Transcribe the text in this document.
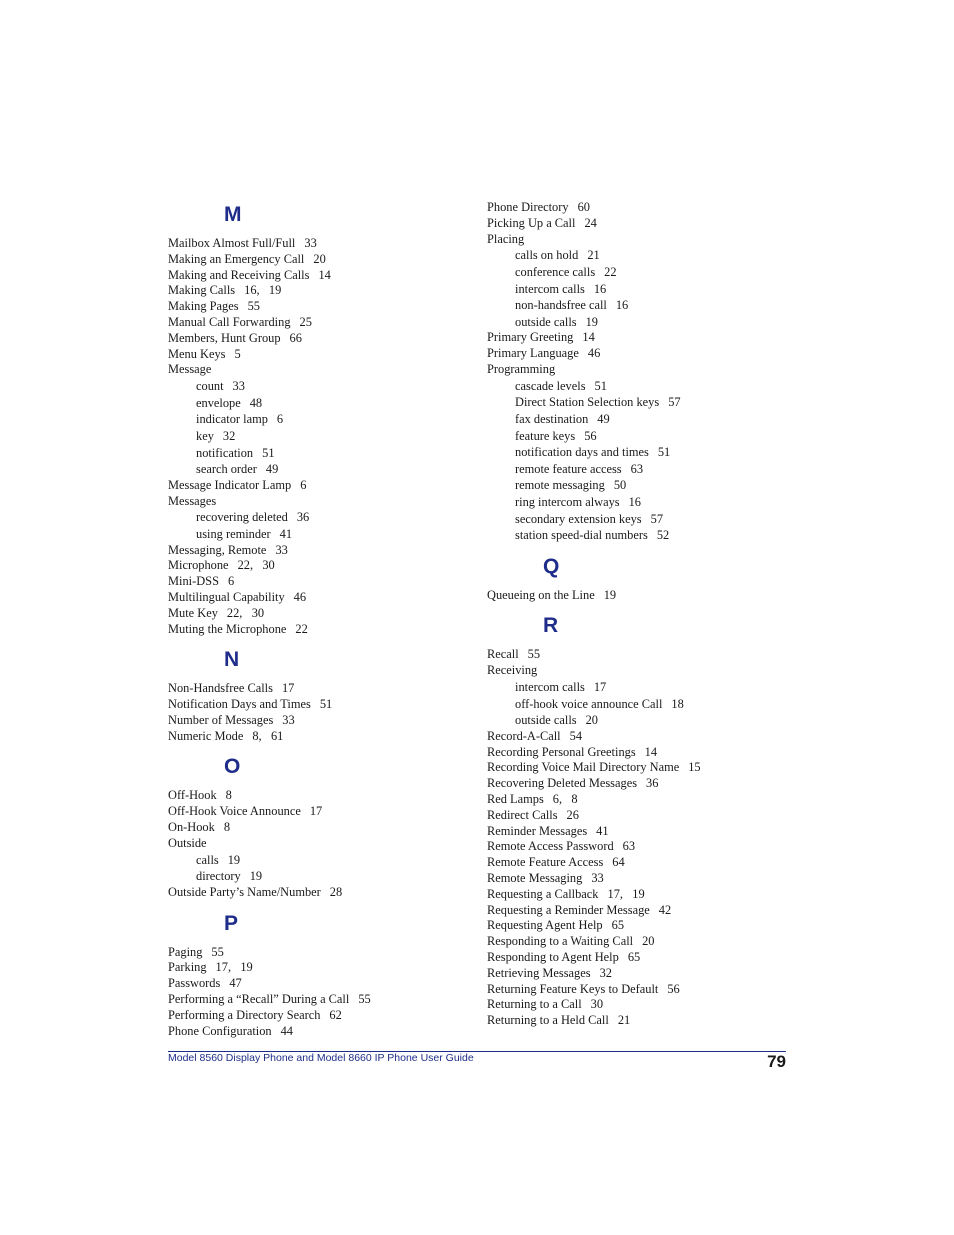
M
Mailbox Almost Full/Full 33
Making an Emergency Call 20
Making and Receiving Calls 14
Making Calls 16,   19
Making Pages 55
Manual Call Forwarding 25
Members, Hunt Group 66
Menu Keys 5
Message
count 33
envelope 48
indicator lamp 6
key 32
notification 51
search order 49
Message Indicator Lamp 6
Messages
recovering deleted 36
using reminder 41
Messaging, Remote 33
Microphone 22,   30
Mini-DSS 6
Multilingual Capability 46
Mute Key 22,   30
Muting the Microphone 22
N
Non-Handsfree Calls 17
Notification Days and Times 51
Number of Messages 33
Numeric Mode 8,   61
O
Off-Hook 8
Off-Hook Voice Announce 17
On-Hook 8
Outside
calls 19
directory 19
Outside Party’s Name/Number 28
P
Paging 55
Parking 17,   19
Passwords 47
Performing a “Recall” During a Call 55
Performing a Directory Search 62
Phone Configuration 44
Phone Directory 60
Picking Up a Call 24
Placing
calls on hold 21
conference calls 22
intercom calls 16
non-handsfree call 16
outside calls 19
Primary Greeting 14
Primary Language 46
Programming
cascade levels 51
Direct Station Selection keys 57
fax destination 49
feature keys 56
notification days and times 51
remote feature access 63
remote messaging 50
ring intercom always 16
secondary extension keys 57
station speed-dial numbers 52
Q
Queueing on the Line 19
R
Recall 55
Receiving
intercom calls 17
off-hook voice announce Call 18
outside calls 20
Record-A-Call 54
Recording Personal Greetings 14
Recording Voice Mail Directory Name 15
Recovering Deleted Messages 36
Red Lamps 6,   8
Redirect Calls 26
Reminder Messages 41
Remote Access Password 63
Remote Feature Access 64
Remote Messaging 33
Requesting a Callback 17,   19
Requesting a Reminder Message 42
Requesting Agent Help 65
Responding to a Waiting Call 20
Responding to Agent Help 65
Retrieving Messages 32
Returning Feature Keys to Default 56
Returning to a Call 30
Returning to a Held Call 21
Model 8560 Display Phone and Model 8660 IP Phone User Guide	79
